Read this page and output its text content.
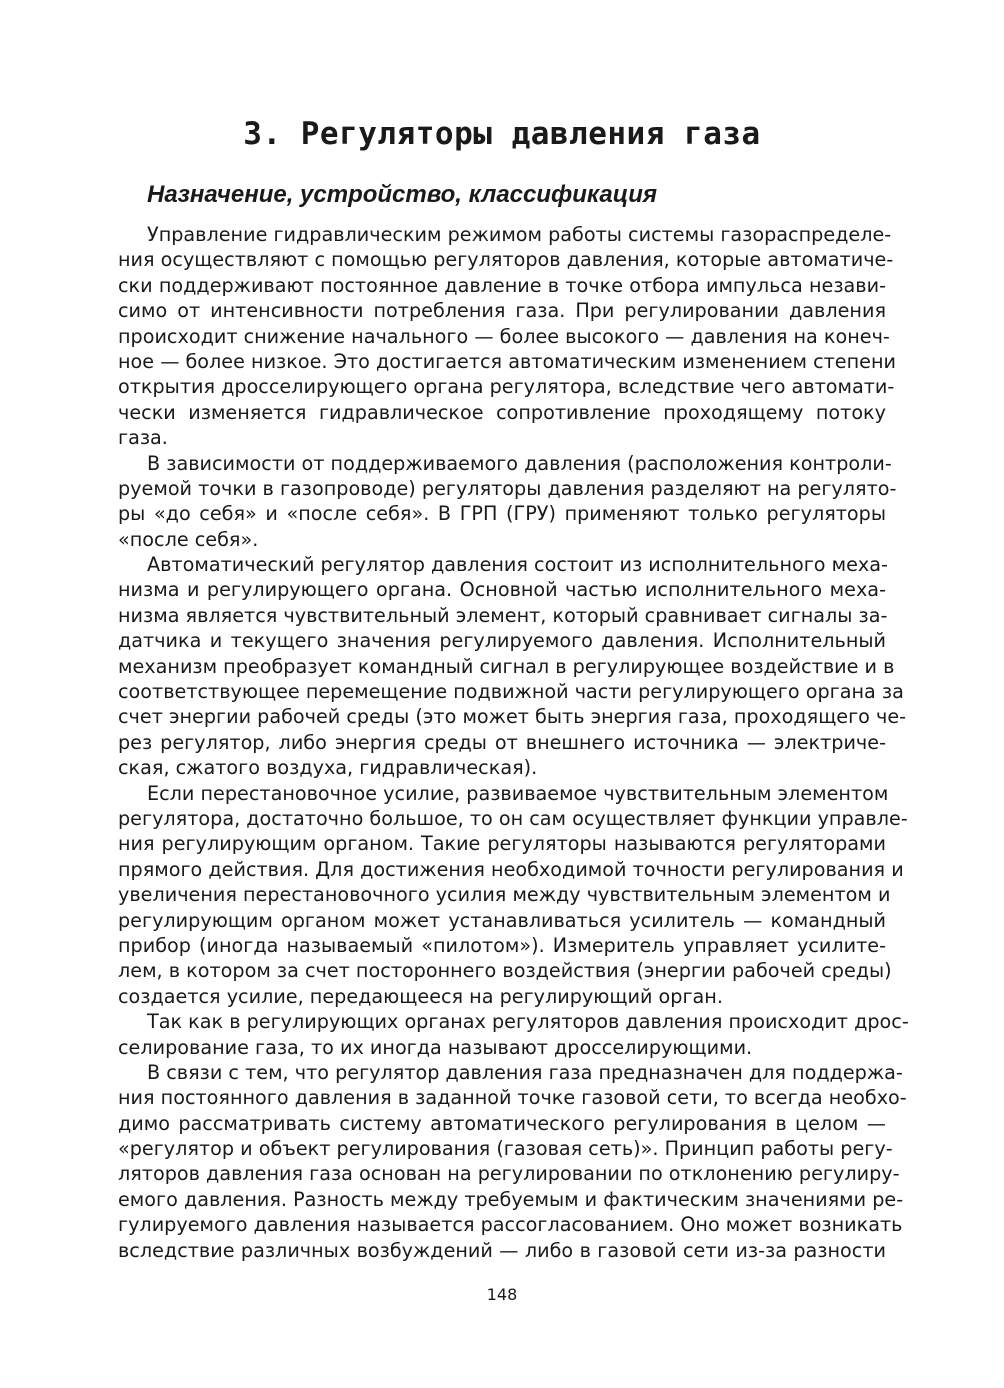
3. Регуляторы давления газа
Назначение, устройство, классификация
Управление гидравлическим режимом работы системы газораспределе-
ния осуществляют с помощью регуляторов давления, которые автоматиче-
ски поддерживают постоянное давление в точке отбора импульса незави-
симо от интенсивности потребления газа. При регулировании давления
происходит снижение начального — более высокого — давления на конеч-
ное — более низкое. Это достигается автоматическим изменением степени
открытия дросселирующего органа регулятора, вследствие чего автомати-
чески изменяется гидравлическое сопротивление проходящему потоку
газа.
В зависимости от поддерживаемого давления (расположения контроли-
руемой точки в газопроводе) регуляторы давления разделяют на регулято-
ры «до себя» и «после себя». В ГРП (ГРУ) применяют только регуляторы
«после себя».
Автоматический регулятор давления состоит из исполнительного меха-
низма и регулирующего органа. Основной частью исполнительного меха-
низма является чувствительный элемент, который сравнивает сигналы за-
датчика и текущего значения регулируемого давления. Исполнительный
механизм преобразует командный сигнал в регулирующее воздействие и в
соответствующее перемещение подвижной части регулирующего органа за
счет энергии рабочей среды (это может быть энергия газа, проходящего че-
рез регулятор, либо энергия среды от внешнего источника — электриче-
ская, сжатого воздуха, гидравлическая).
Если перестановочное усилие, развиваемое чувствительным элементом
регулятора, достаточно большое, то он сам осуществляет функции управле-
ния регулирующим органом. Такие регуляторы называются регуляторами
прямого действия. Для достижения необходимой точности регулирования и
увеличения перестановочного усилия между чувствительным элементом и
регулирующим органом может устанавливаться усилитель — командный
прибор (иногда называемый «пилотом»). Измеритель управляет усилите-
лем, в котором за счет постороннего воздействия (энергии рабочей среды)
создается усилие, передающееся на регулирующий орган.
Так как в регулирующих органах регуляторов давления происходит дрос-
селирование газа, то их иногда называют дросселирующими.
В связи с тем, что регулятор давления газа предназначен для поддержа-
ния постоянного давления в заданной точке газовой сети, то всегда необхо-
димо рассматривать систему автоматического регулирования в целом —
«регулятор и объект регулирования (газовая сеть)». Принцип работы регу-
ляторов давления газа основан на регулировании по отклонению регулиру-
емого давления. Разность между требуемым и фактическим значениями ре-
гулируемого давления называется рассогласованием. Оно может возникать
вследствие различных возбуждений — либо в газовой сети из-за разности
148
